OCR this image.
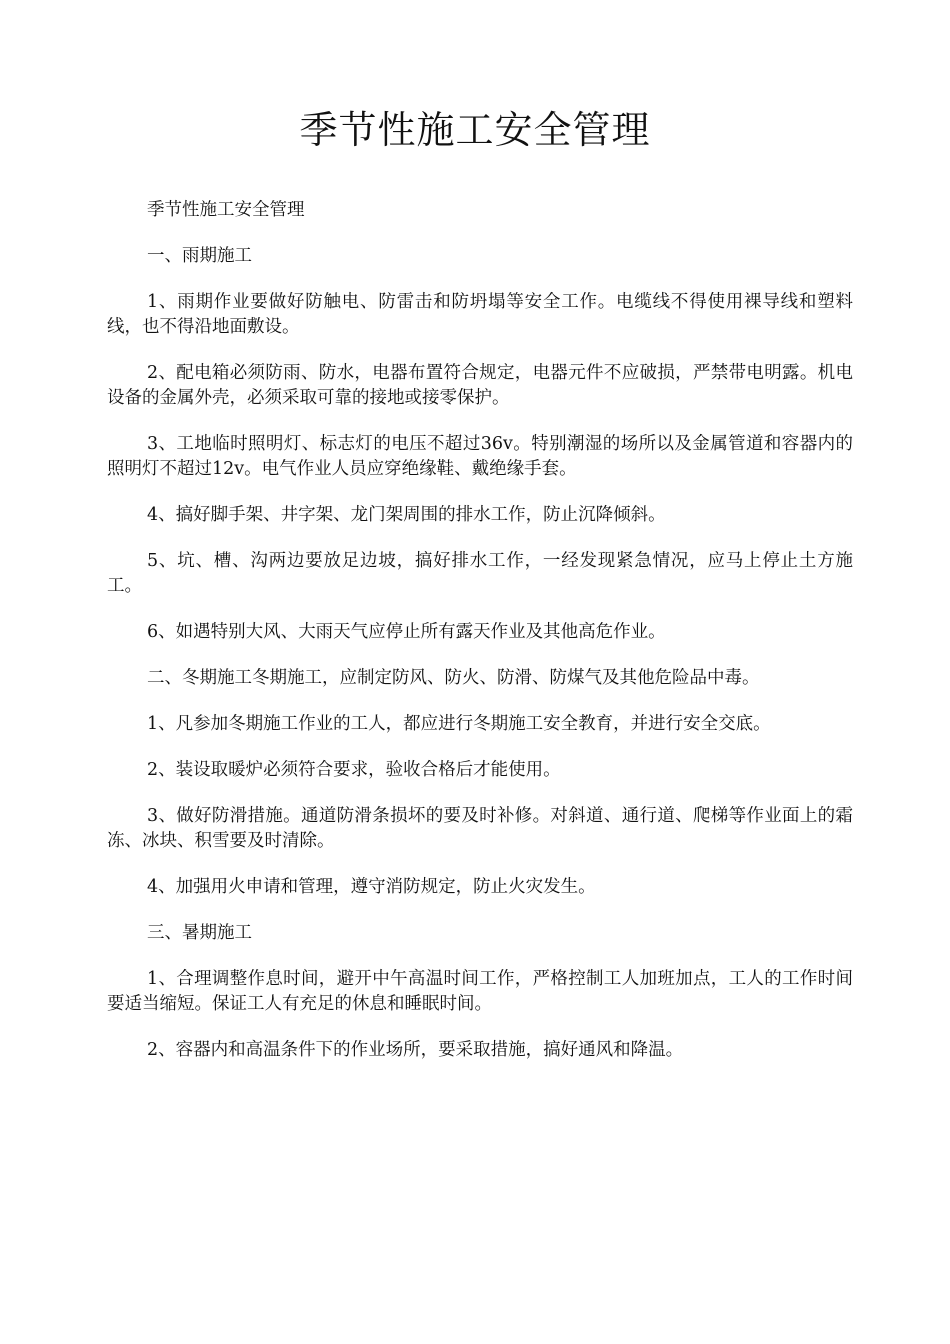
季节性施工安全管理

季节性施工安全管理

一、雨期施工

1、雨期作业要做好防触电、防雷击和防坍塌等安全工作。电缆线不得使用裸导线和塑料线，也不得沿地面敷设。

2、配电箱必须防雨、防水，电器布置符合规定，电器元件不应破损，严禁带电明露。机电设备的金属外壳，必须采取可靠的接地或接零保护。

3、工地临时照明灯、标志灯的电压不超过36v。特别潮湿的场所以及金属管道和容器内的照明灯不超过12v。电气作业人员应穿绝缘鞋、戴绝缘手套。

4、搞好脚手架、井字架、龙门架周围的排水工作，防止沉降倾斜。

5、坑、槽、沟两边要放足边坡，搞好排水工作，一经发现紧急情况，应马上停止土方施工。

6、如遇特别大风、大雨天气应停止所有露天作业及其他高危作业。

二、冬期施工冬期施工，应制定防风、防火、防滑、防煤气及其他危险品中毒。

1、凡参加冬期施工作业的工人，都应进行冬期施工安全教育，并进行安全交底。

2、装设取暖炉必须符合要求，验收合格后才能使用。

3、做好防滑措施。通道防滑条损坏的要及时补修。对斜道、通行道、爬梯等作业面上的霜冻、冰块、积雪要及时清除。

4、加强用火申请和管理，遵守消防规定，防止火灾发生。

三、暑期施工

1、合理调整作息时间，避开中午高温时间工作，严格控制工人加班加点，工人的工作时间要适当缩短。保证工人有充足的休息和睡眠时间。

2、容器内和高温条件下的作业场所，要采取措施，搞好通风和降温。
